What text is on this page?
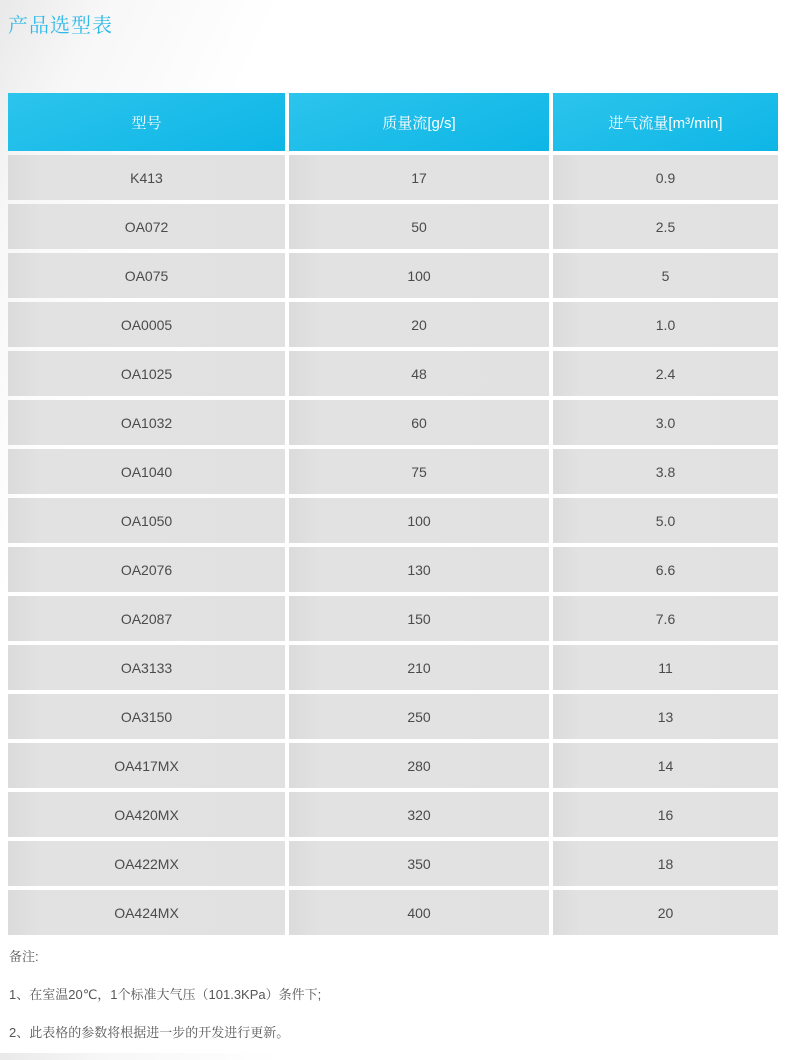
产品选型表
型号	质量流[g/s]	进气流量[m³/min]
K413	17	0.9
OA072	50	2.5
OA075	100	5
OA0005	20	1.0
OA1025	48	2.4
OA1032	60	3.0
OA1040	75	3.8
OA1050	100	5.0
OA2076	130	6.6
OA2087	150	7.6
OA3133	210	11
OA3150	250	13
OA417MX	280	14
OA420MX	320	16
OA422MX	350	18
OA424MX	400	20
备注:
1、在室温20℃，1个标准大气压（101.3KPa）条件下;
2、此表格的参数将根据进一步的开发进行更新。
